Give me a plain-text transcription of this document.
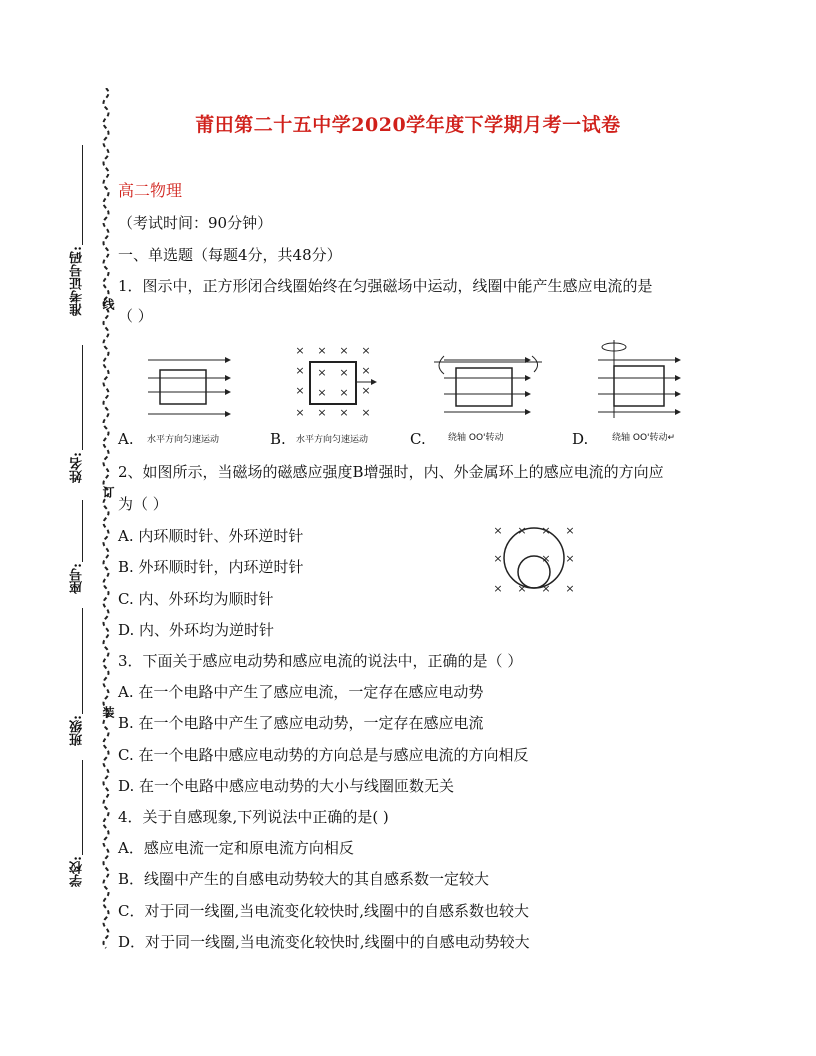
线
订
装
准考证号码:
姓名:
座号:
班级:
学校:
莆田第二十五中学2020学年度下学期月考一试卷
高二物理
（考试时间：90分钟）
一、单选题（每题4分，共48分）
1．图示中，正方形闭合线圈始终在匀强磁场中运动，线圈中能产生感应电流的是
（ ）
A. 水平方向匀速运动
× × × ×
× × × ×
× × × ×
× × × ×
B. 水平方向匀速运动	C. 绕轴 OO'转动	D.	绕轴 OO'转动↵
2、如图所示，当磁场的磁感应强度B增强时，内、外金属环上的感应电流的方向应
为（ ）
A. 内环顺时针、外环逆时针
B. 外环顺时针，内环逆时针
C. 内、外环均为顺时针
D. 内、外环均为逆时针
× × × ×
×	× ×
× × × ×
3．下面关于感应电动势和感应电流的说法中，正确的是（ ）
A. 在一个电路中产生了感应电流，一定存在感应电动势
B. 在一个电路中产生了感应电动势，一定存在感应电流
C. 在一个电路中感应电动势的方向总是与感应电流的方向相反
D. 在一个电路中感应电动势的大小与线圈匝数无关
4．关于自感现象,下列说法中正确的是( )
A．感应电流一定和原电流方向相反
B．线圈中产生的自感电动势较大的其自感系数一定较大
C．对于同一线圈,当电流变化较快时,线圈中的自感系数也较大
D．对于同一线圈,当电流变化较快时,线圈中的自感电动势较大
